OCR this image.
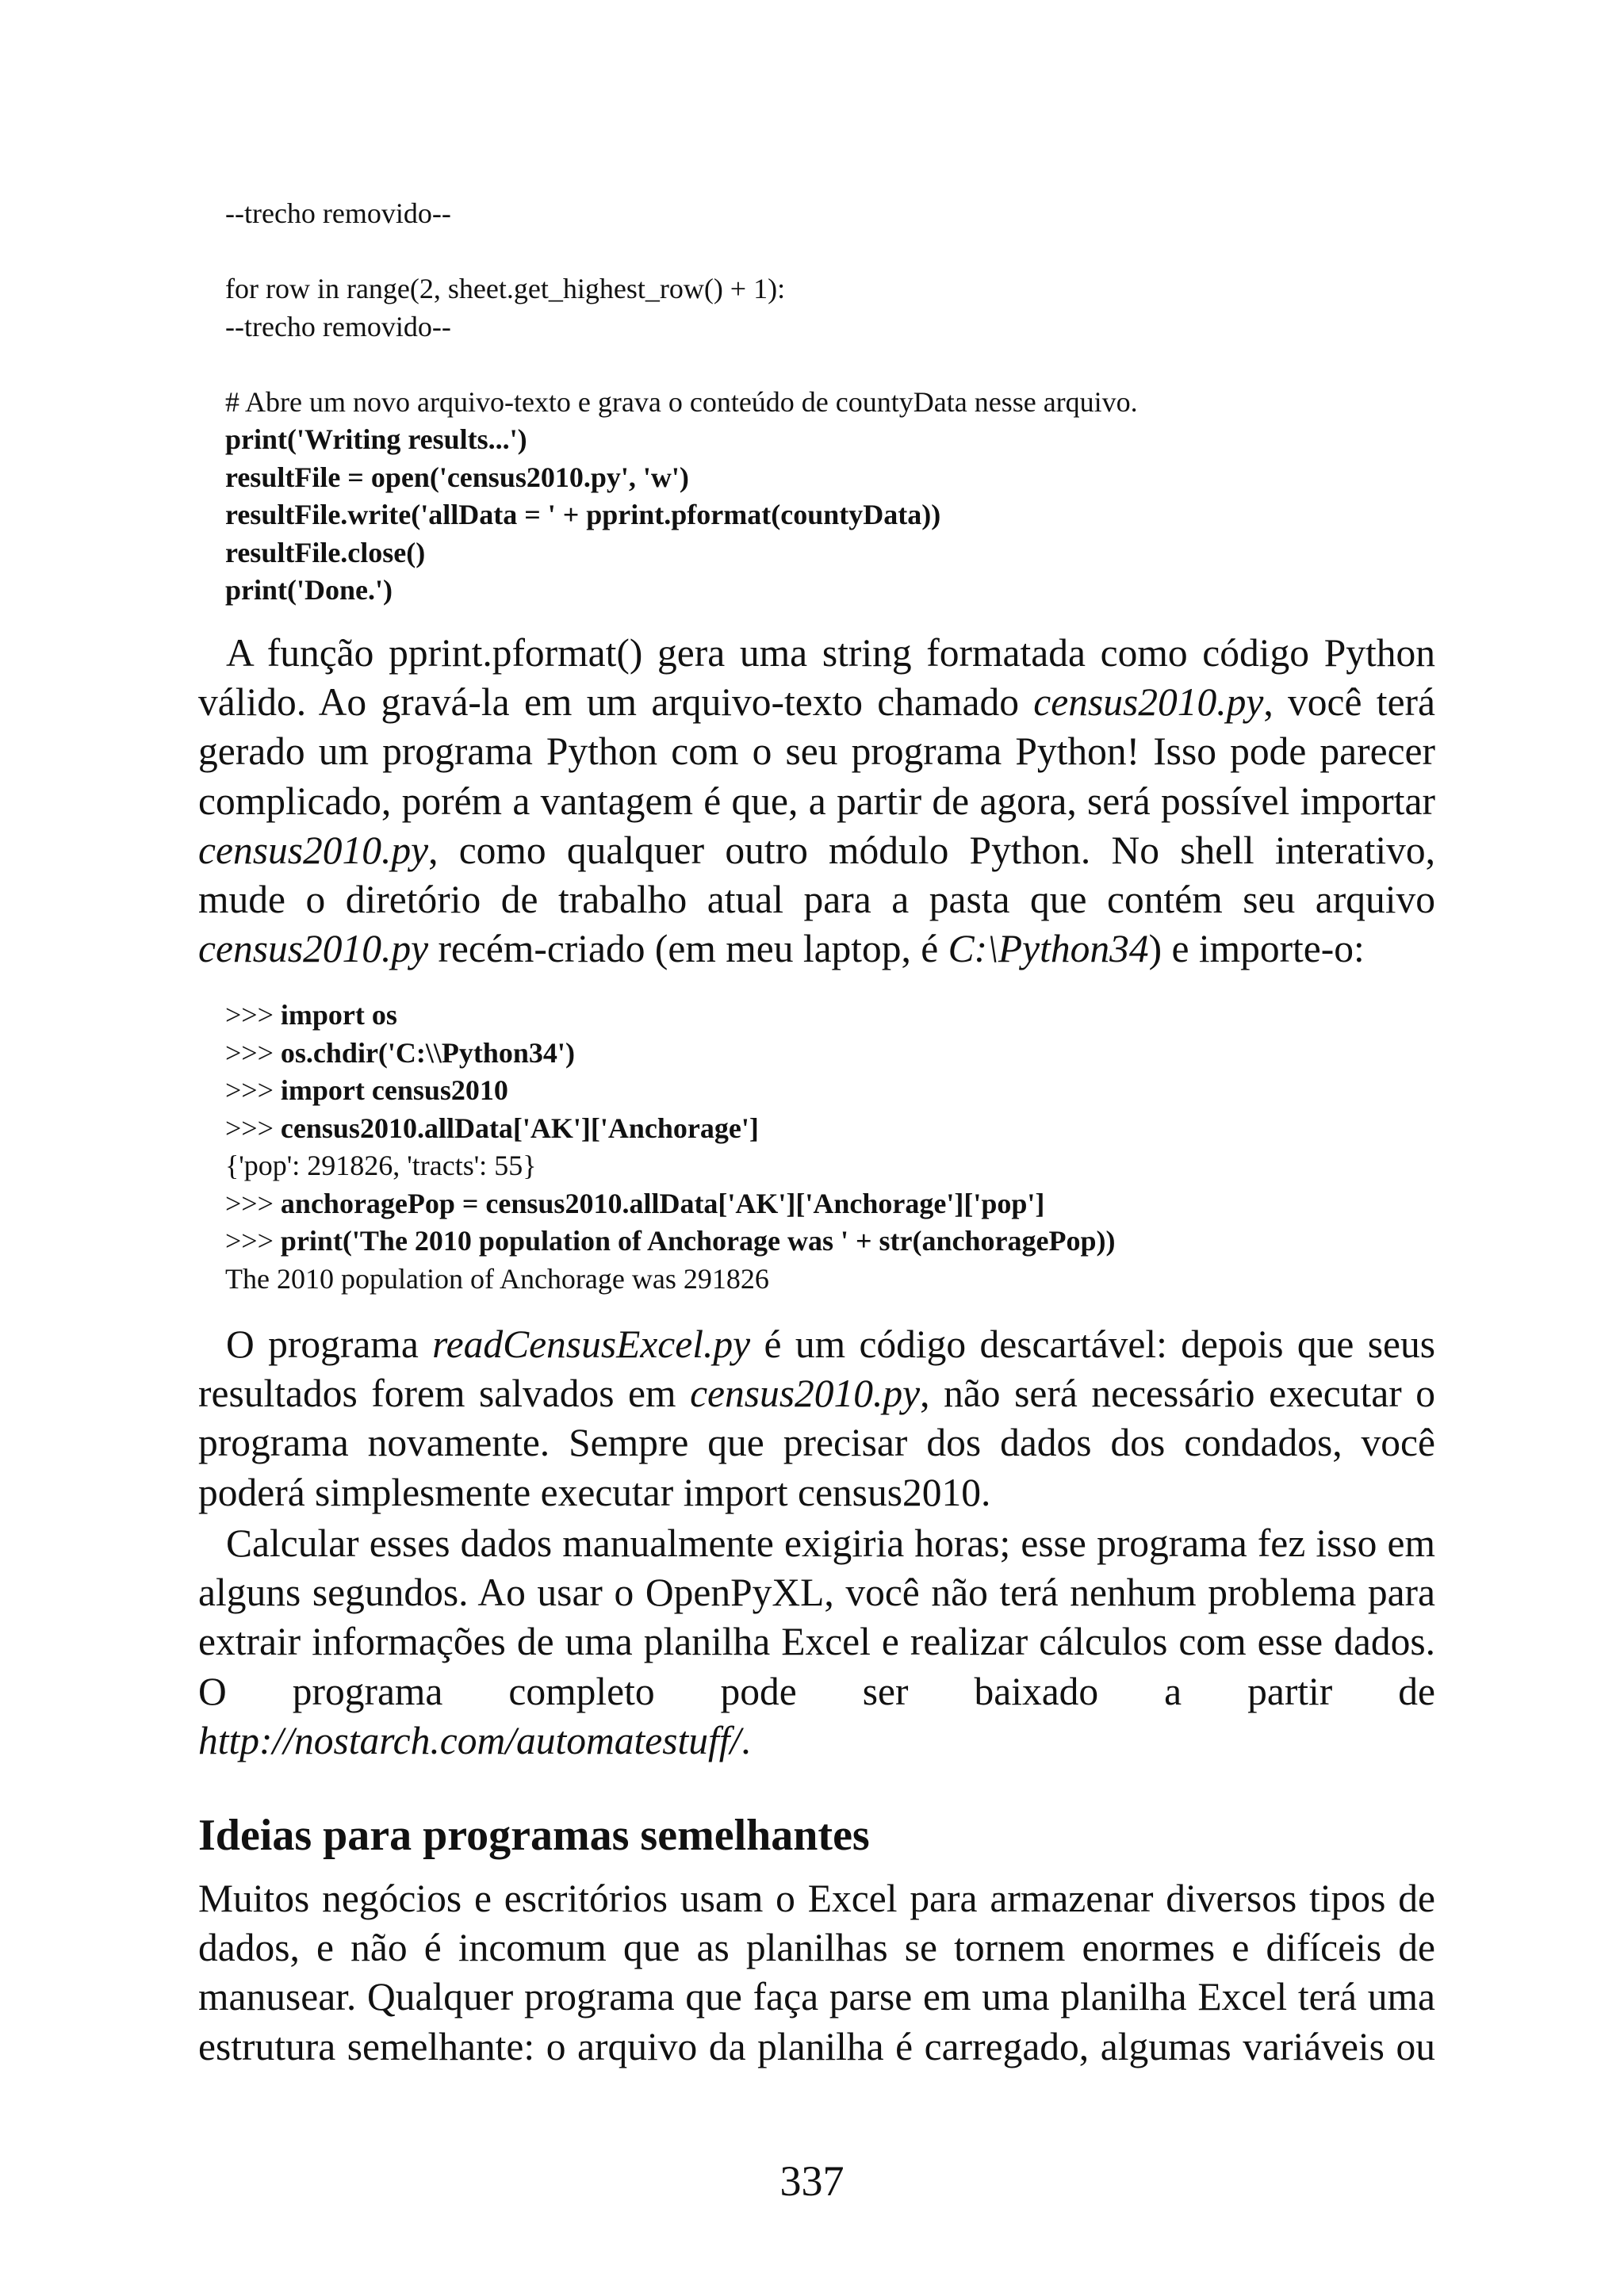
--trecho removido--
for row in range(2, sheet.get_highest_row() + 1):
--trecho removido--
# Abre um novo arquivo-texto e grava o conteúdo de countyData nesse arquivo.
print('Writing results...')
resultFile = open('census2010.py', 'w')
resultFile.write('allData = ' + pprint.pformat(countyData))
resultFile.close()
print('Done.')
A função pprint.pformat() gera uma string formatada como código Python
válido. Ao gravá-la em um arquivo-texto chamado census2010.py, você terá
gerado um programa Python com o seu programa Python! Isso pode parecer
complicado, porém a vantagem é que, a partir de agora, será possível importar
census2010.py, como qualquer outro módulo Python. No shell interativo,
mude o diretório de trabalho atual para a pasta que contém seu arquivo
census2010.py recém-criado (em meu laptop, é C:\Python34) e importe-o:
>>> import os
>>> os.chdir('C:\\Python34')
>>> import census2010
>>> census2010.allData['AK']['Anchorage']
{'pop': 291826, 'tracts': 55}
>>> anchoragePop = census2010.allData['AK']['Anchorage']['pop']
>>> print('The 2010 population of Anchorage was ' + str(anchoragePop))
The 2010 population of Anchorage was 291826
O programa readCensusExcel.py é um código descartável: depois que seus
resultados forem salvados em census2010.py, não será necessário executar o
programa novamente. Sempre que precisar dos dados dos condados, você
poderá simplesmente executar import census2010.
Calcular esses dados manualmente exigiria horas; esse programa fez isso em
alguns segundos. Ao usar o OpenPyXL, você não terá nenhum problema para
extrair informações de uma planilha Excel e realizar cálculos com esse dados.
O programa completo pode ser baixado a partir de
http://nostarch.com/automatestuff/.
Ideias para programas semelhantes
Muitos negócios e escritórios usam o Excel para armazenar diversos tipos de
dados, e não é incomum que as planilhas se tornem enormes e difíceis de
manusear. Qualquer programa que faça parse em uma planilha Excel terá uma
estrutura semelhante: o arquivo da planilha é carregado, algumas variáveis ou
337
